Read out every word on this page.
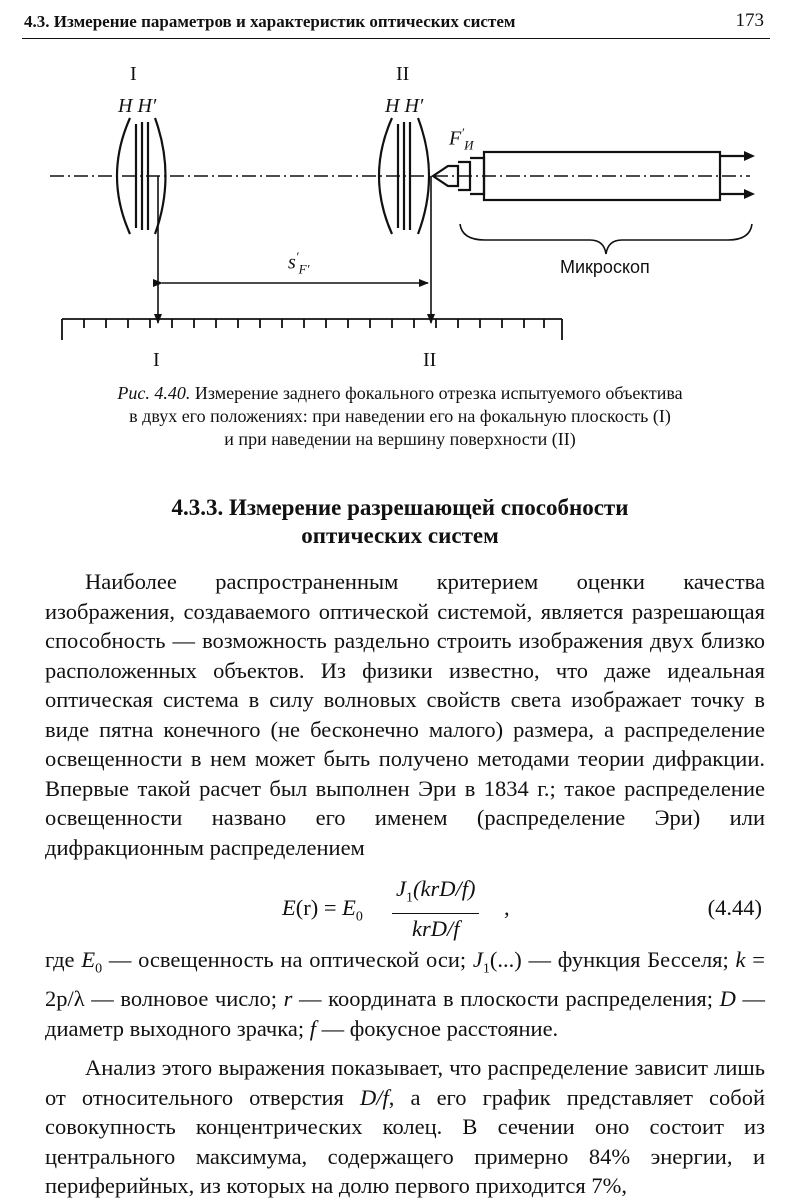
4.3. Измерение параметров и характеристик оптических систем	173
I	II
H H′	H H′
$F'_И$
$s'_{F'}$	Микроскоп
I	II
Рис. 4.40. Измерение заднего фокального отрезка испытуемого объектива
в двух его положениях: при наведении его на фокальную плоскость (I)
и при наведении на вершину поверхности (II)
4.3.3. Измерение разрешающей способности
оптических систем

Наиболее распространенным критерием оценки качества изображения, создаваемого оптической системой, является разрешающая способность — возможность раздельно строить изображения двух близко расположенных объектов. Из физики известно, что даже идеальная оптическая система в силу волновых свойств света изображает точку в виде пятна конечного (не бесконечно малого) размера, а распределение освещенности в нем может быть получено методами теории дифракции. Впервые такой расчет был выполнен Эри в 1834 г.; такое распределение освещенности названо его именем (распределение Эри) или дифракционным распределением

$E(r) = E_0$
$J_1(krD/f)$
krD/f
,	(4.44)

где $E_0$ — освещенность на оптической оси; $J_1(...)$ — функция Бесселя; k = 2p/λ — волновое число; r — координата в плоскости распределения; D — диаметр выходного зрачка; f — фокусное расстояние.

Анализ этого выражения показывает, что распределение зависит лишь от относительного отверстия D/f, а его график представляет собой совокупность концентрических колец. В сечении оно состоит из центрального максимума, содержащего примерно 84% энергии, и периферийных, из которых на долю первого приходится 7%,
